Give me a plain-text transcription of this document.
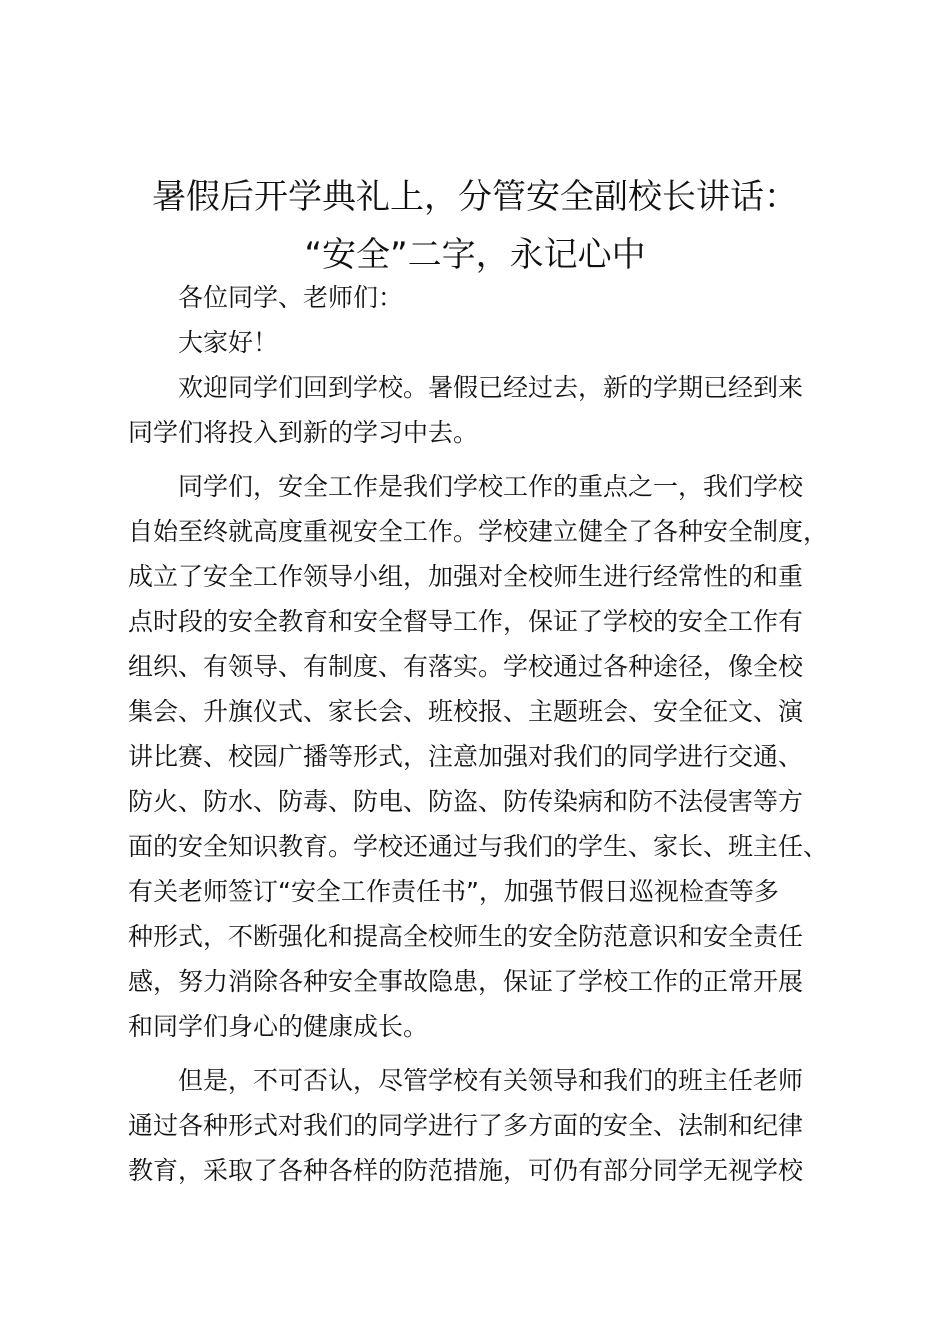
暑假后开学典礼上，分管安全副校长讲话：
“安全”二字，永记心中

各位同学、老师们：

大家好！

欢迎同学们回到学校。暑假已经过去，新的学期已经到来
同学们将投入到新的学习中去。

同学们，安全工作是我们学校工作的重点之一，我们学校
自始至终就高度重视安全工作。学校建立健全了各种安全制度，
成立了安全工作领导小组，加强对全校师生进行经常性的和重
点时段的安全教育和安全督导工作，保证了学校的安全工作有
组织、有领导、有制度、有落实。学校通过各种途径，像全校
集会、升旗仪式、家长会、班校报、主题班会、安全征文、演
讲比赛、校园广播等形式，注意加强对我们的同学进行交通、
防火、防水、防毒、防电、防盗、防传染病和防不法侵害等方
面的安全知识教育。学校还通过与我们的学生、家长、班主任、
有关老师签订“安全工作责任书”，加强节假日巡视检查等多
种形式，不断强化和提高全校师生的安全防范意识和安全责任
感，努力消除各种安全事故隐患，保证了学校工作的正常开展
和同学们身心的健康成长。

但是，不可否认，尽管学校有关领导和我们的班主任老师
通过各种形式对我们的同学进行了多方面的安全、法制和纪律
教育，采取了各种各样的防范措施，可仍有部分同学无视学校
